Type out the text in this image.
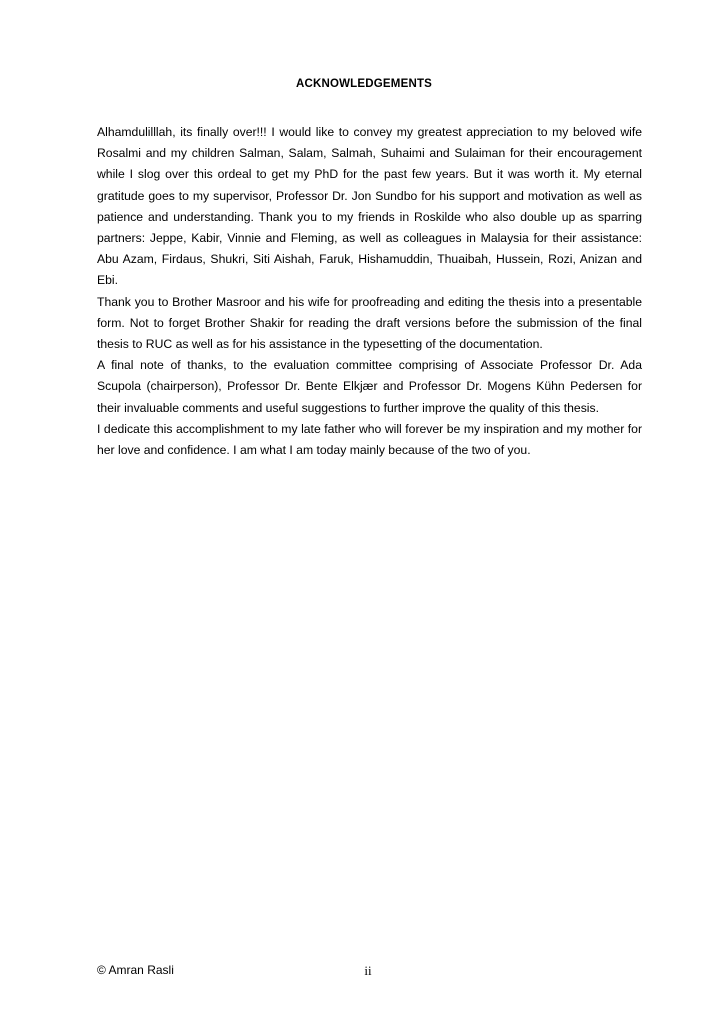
ACKNOWLEDGEMENTS

Alhamdulilllah, its finally over!!! I would like to convey my greatest appreciation to my beloved wife Rosalmi and my children Salman, Salam, Salmah, Suhaimi and Sulaiman for their encouragement while I slog over this ordeal to get my PhD for the past few years. But it was worth it. My eternal gratitude goes to my supervisor, Professor Dr. Jon Sundbo for his support and motivation as well as patience and understanding. Thank you to my friends in Roskilde who also double up as sparring partners: Jeppe, Kabir, Vinnie and Fleming, as well as colleagues in Malaysia for their assistance: Abu Azam, Firdaus, Shukri, Siti Aishah, Faruk, Hishamuddin, Thuaibah, Hussein, Rozi, Anizan and Ebi.

Thank you to Brother Masroor and his wife for proofreading and editing the thesis into a presentable form. Not to forget Brother Shakir for reading the draft versions before the submission of the final thesis to RUC as well as for his assistance in the typesetting of the documentation.

A final note of thanks, to the evaluation committee comprising of Associate Professor Dr. Ada Scupola (chairperson), Professor Dr. Bente Elkjær and Professor Dr. Mogens Kühn Pedersen for their invaluable comments and useful suggestions to further improve the quality of this thesis.

I dedicate this accomplishment to my late father who will forever be my inspiration and my mother for her love and confidence. I am what I am today mainly because of the two of you.

© Amran Rasli	ii
